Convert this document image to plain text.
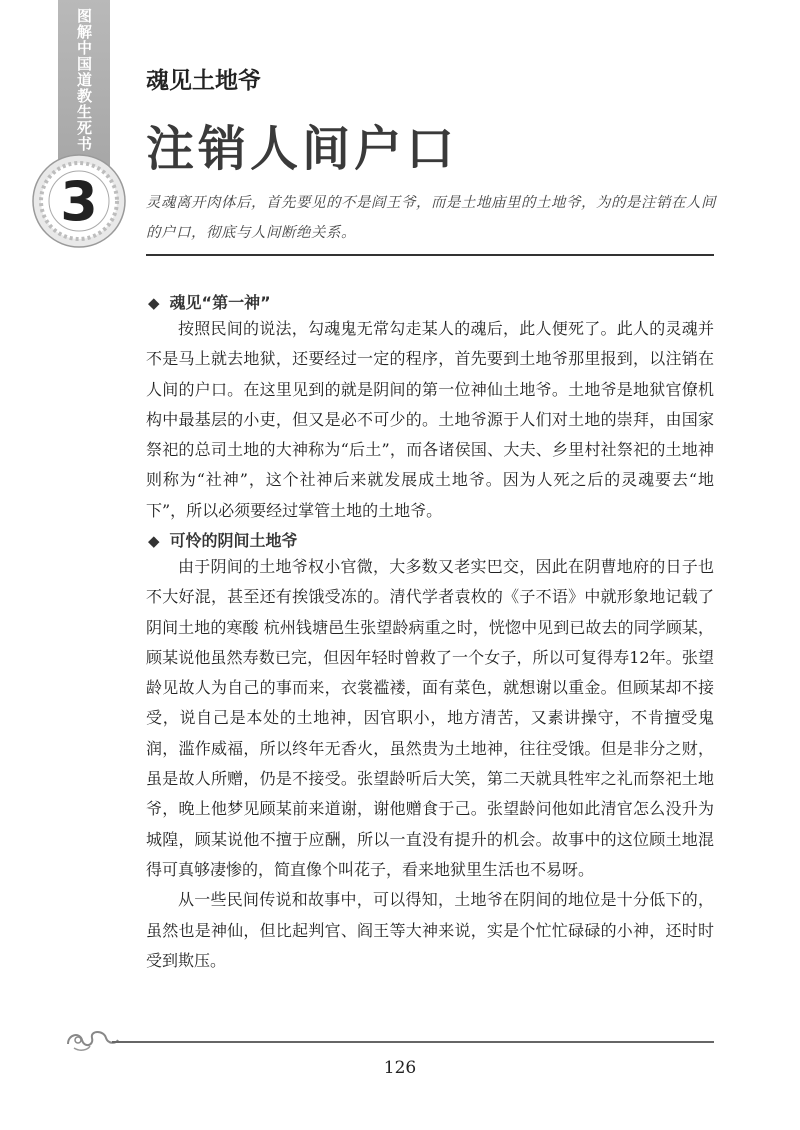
图解中国道教生死书
3
魂见土地爷
注销人间户口
灵魂离开肉体后，首先要见的不是阎王爷，而是土地庙里的土地爷，为的是注销在人间的户口，彻底与人间断绝关系。
◆ 魂见“第一神”

按照民间的说法，勾魂鬼无常勾走某人的魂后，此人便死了。此人的灵魂并不是马上就去地狱，还要经过一定的程序，首先要到土地爷那里报到，以注销在人间的户口。在这里见到的就是阴间的第一位神仙土地爷。土地爷是地狱官僚机构中最基层的小吏，但又是必不可少的。土地爷源于人们对土地的崇拜，由国家祭祀的总司土地的大神称为“后土”，而各诸侯国、大夫、乡里村社祭祀的土地神则称为“社神”，这个社神后来就发展成土地爷。因为人死之后的灵魂要去“地下”，所以必须要经过掌管土地的土地爷。

◆ 可怜的阴间土地爷

由于阴间的土地爷权小官微，大多数又老实巴交，因此在阴曹地府的日子也不大好混，甚至还有挨饿受冻的。清代学者袁枚的《子不语》中就形象地记载了阴间土地的寒酸 杭州钱塘邑生张望龄病重之时，恍惚中见到已故去的同学顾某，顾某说他虽然寿数已完，但因年轻时曾救了一个女子，所以可复得寿12年。张望龄见故人为自己的事而来，衣裳褴褛，面有菜色，就想谢以重金。但顾某却不接受，说自己是本处的土地神，因官职小，地方清苦，又素讲操守，不肯擅受鬼润，滥作威福，所以终年无香火，虽然贵为土地神，往往受饿。但是非分之财，虽是故人所赠，仍是不接受。张望龄听后大笑，第二天就具牲牢之礼而祭祀土地爷，晚上他梦见顾某前来道谢，谢他赠食于己。张望龄问他如此清官怎么没升为城隍，顾某说他不擅于应酬，所以一直没有提升的机会。故事中的这位顾土地混得可真够凄惨的，简直像个叫花子，看来地狱里生活也不易呀。

从一些民间传说和故事中，可以得知，土地爷在阴间的地位是十分低下的，虽然也是神仙，但比起判官、阎王等大神来说，实是个忙忙碌碌的小神，还时时受到欺压。

126
